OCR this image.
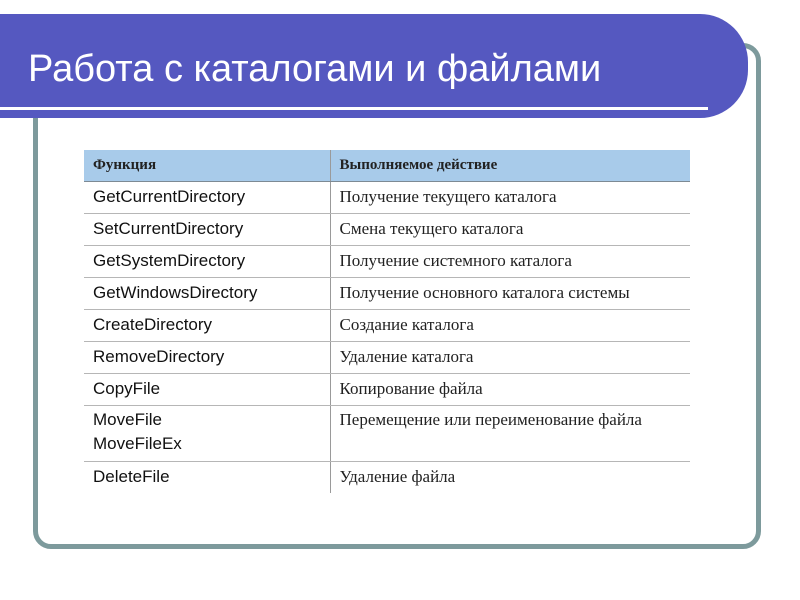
Работа с каталогами и файлами
Функция	Выполняемое действие
GetCurrentDirectory	Получение текущего каталога
SetCurrentDirectory	Смена текущего каталога
GetSystemDirectory	Получение системного каталога
GetWindowsDirectory	Получение основного каталога системы
CreateDirectory	Создание каталога
RemoveDirectory	Удаление каталога
CopyFile	Копирование файла
MoveFile
MoveFileEx	Перемещение или переименование файла
DeleteFile	Удаление файла
